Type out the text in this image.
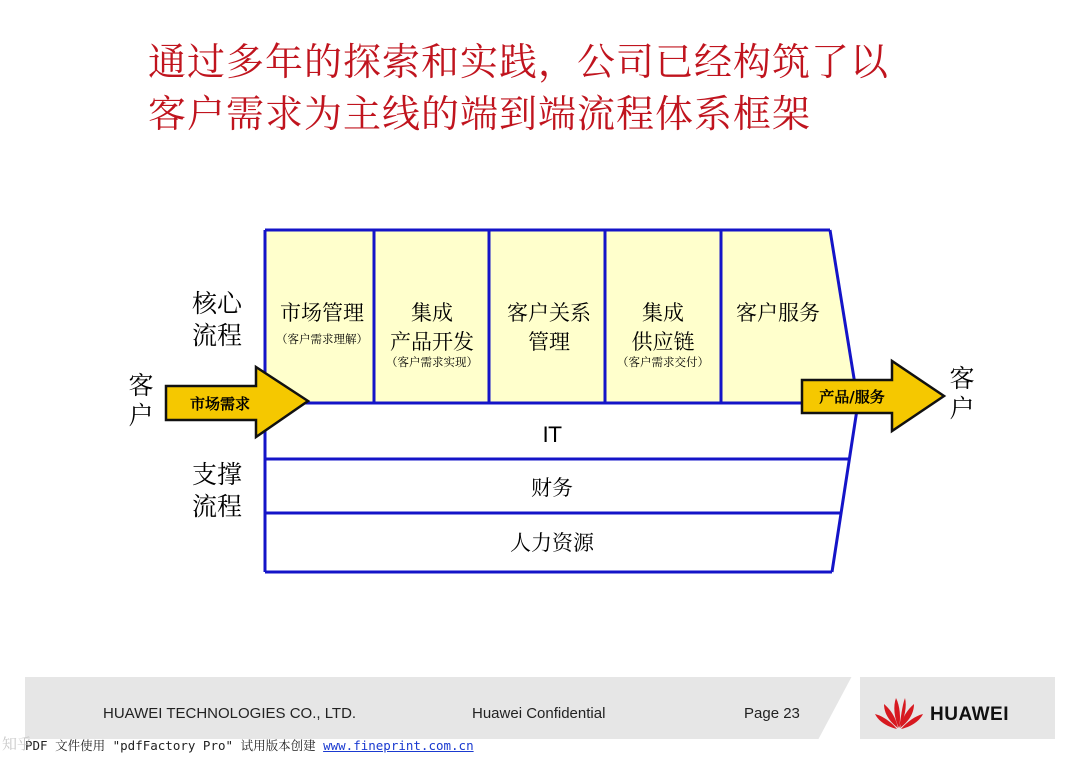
通过多年的探索和实践，公司已经构筑了以
客户需求为主线的端到端流程体系框架
核心
流程
支撑
流程
客
户
客
户
市场管理
（客户需求理解）
集成
产品开发
（客户需求实现）
客户关系
管理
集成
供应链
（客户需求交付）
客户服务
IT
财务
人力资源
市场需求	产品/服务
HUAWEI TECHNOLOGIES CO., LTD.	Huawei Confidential	Page 23	HUAWEI
PDF 文件使用 "pdfFactory Pro" 试用版本创建 www.fineprint.com.cn
知乎
